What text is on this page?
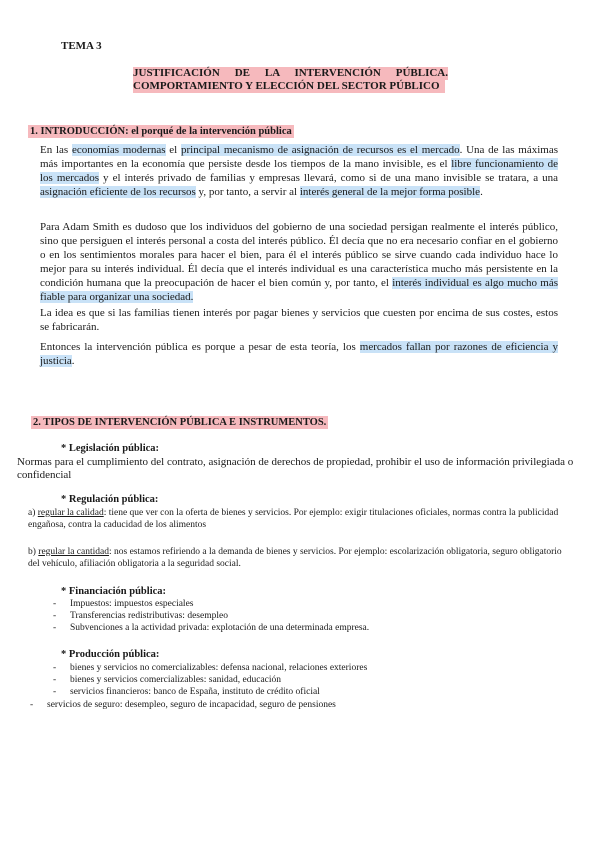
TEMA 3
JUSTIFICACIÓN DE LA INTERVENCIÓN PÚBLICA.
COMPORTAMIENTO Y ELECCIÓN DEL SECTOR PÚBLICO
1. INTRODUCCIÓN: el porqué de la intervención pública

En las economías modernas el principal mecanismo de asignación de recursos es el mercado. Una de las máximas más importantes en la economía que persiste desde los tiempos de la mano invisible, es el libre funcionamiento de los mercados y el interés privado de familias y empresas llevará, como si de una mano invisible se tratara, a una asignación eficiente de los recursos y, por tanto, a servir al interés general de la mejor forma posible.

Para Adam Smith es dudoso que los individuos del gobierno de una sociedad persigan realmente el interés público, sino que persiguen el interés personal a costa del interés público. Él decía que no era necesario confiar en el gobierno o en los sentimientos morales para hacer el bien, para él el interés público se sirve cuando cada individuo hace lo mejor para su interés individual. Él decía que el interés individual es una característica mucho más persistente en la condición humana que la preocupación de hacer el bien común y, por tanto, el interés individual es algo mucho más fiable para organizar una sociedad.

La idea es que si las familias tienen interés por pagar bienes y servicios que cuesten por encima de sus costes, estos se fabricarán.

Entonces la intervención pública es porque a pesar de esta teoría, los mercados fallan por razones de eficiencia y justicia.

2. TIPOS DE INTERVENCIÓN PÚBLICA E INSTRUMENTOS.
* Legislación pública:
Normas para el cumplimiento del contrato, asignación de derechos de propiedad, prohibir el uso de información privilegiada o confidencial
* Regulación pública:
a) regular la calidad: tiene que ver con la oferta de bienes y servicios. Por ejemplo: exigir titulaciones oficiales, normas contra la publicidad engañosa, contra la caducidad de los alimentos
b) regular la cantidad: nos estamos refiriendo a la demanda de bienes y servicios. Por ejemplo: escolarización obligatoria, seguro obligatorio del vehículo, afiliación obligatoria a la seguridad social.
* Financiación pública:
- Impuestos: impuestos especiales
- Transferencias redistributivas: desempleo
- Subvenciones a la actividad privada: explotación de una determinada empresa.
* Producción pública:
- bienes y servicios no comercializables: defensa nacional, relaciones exteriores
- bienes y servicios comercializables: sanidad, educación
- servicios financieros: banco de España, instituto de crédito oficial
- servicios de seguro: desempleo, seguro de incapacidad, seguro de pensiones
